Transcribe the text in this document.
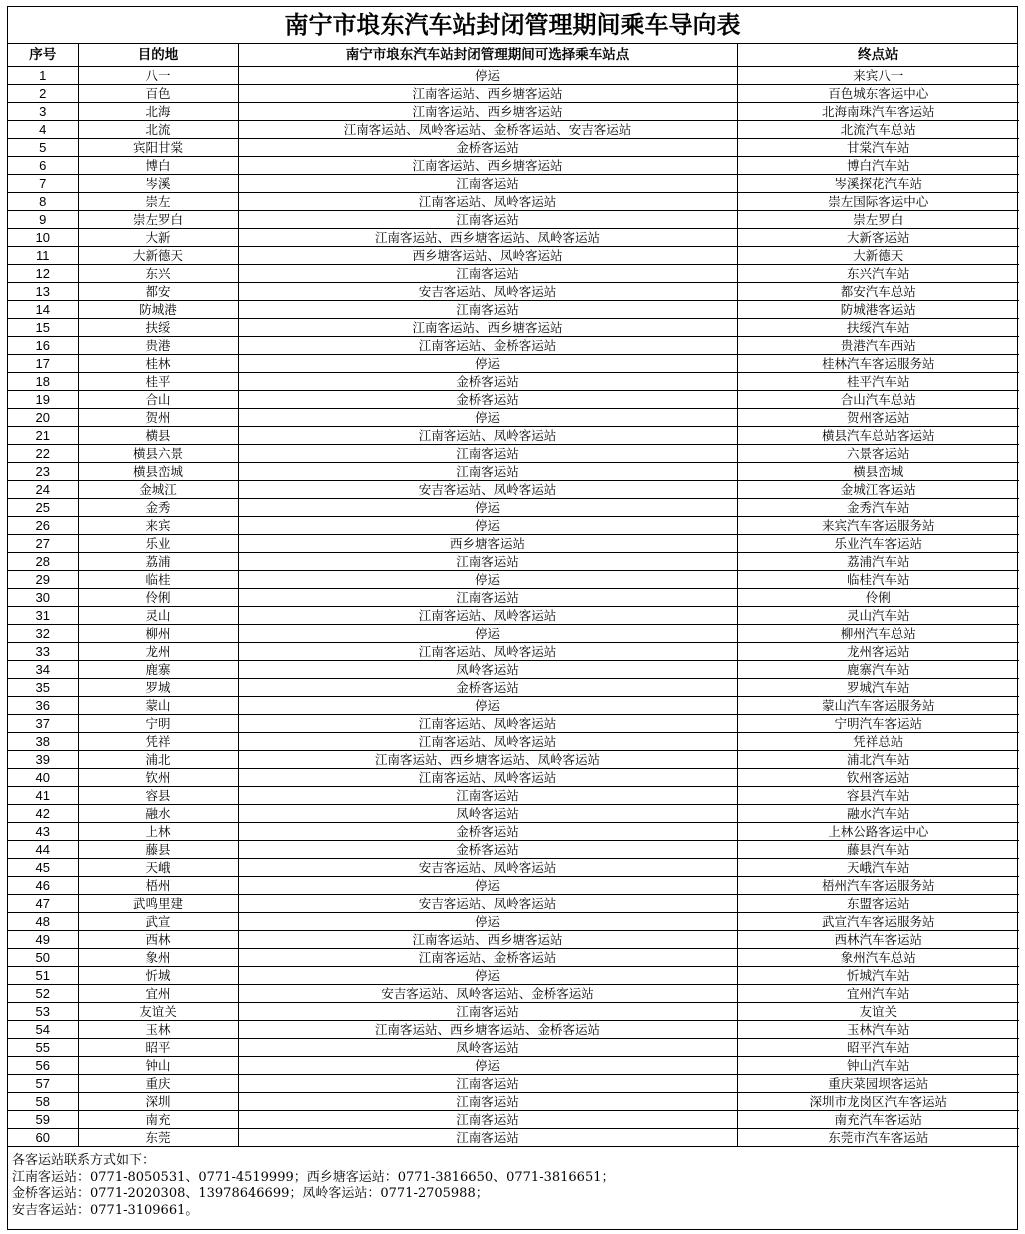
南宁市埌东汽车站封闭管理期间乘车导向表
序号	目的地	南宁市埌东汽车站封闭管理期间可选择乘车站点	终点站
1	八一	停运	来宾八一
2	百色	江南客运站、西乡塘客运站	百色城东客运中心
3	北海	江南客运站、西乡塘客运站	北海南珠汽车客运站
4	北流	江南客运站、凤岭客运站、金桥客运站、安吉客运站	北流汽车总站
5	宾阳甘棠	金桥客运站	甘棠汽车站
6	博白	江南客运站、西乡塘客运站	博白汽车站
7	岑溪	江南客运站	岑溪探花汽车站
8	崇左	江南客运站、凤岭客运站	崇左国际客运中心
9	崇左罗白	江南客运站	崇左罗白
10	大新	江南客运站、西乡塘客运站、凤岭客运站	大新客运站
11	大新德天	西乡塘客运站、凤岭客运站	大新德天
12	东兴	江南客运站	东兴汽车站
13	都安	安吉客运站、凤岭客运站	都安汽车总站
14	防城港	江南客运站	防城港客运站
15	扶绥	江南客运站、西乡塘客运站	扶绥汽车站
16	贵港	江南客运站、金桥客运站	贵港汽车西站
17	桂林	停运	桂林汽车客运服务站
18	桂平	金桥客运站	桂平汽车站
19	合山	金桥客运站	合山汽车总站
20	贺州	停运	贺州客运站
21	横县	江南客运站、凤岭客运站	横县汽车总站客运站
22	横县六景	江南客运站	六景客运站
23	横县峦城	江南客运站	横县峦城
24	金城江	安吉客运站、凤岭客运站	金城江客运站
25	金秀	停运	金秀汽车站
26	来宾	停运	来宾汽车客运服务站
27	乐业	西乡塘客运站	乐业汽车客运站
28	荔浦	江南客运站	荔浦汽车站
29	临桂	停运	临桂汽车站
30	伶俐	江南客运站	伶俐
31	灵山	江南客运站、凤岭客运站	灵山汽车站
32	柳州	停运	柳州汽车总站
33	龙州	江南客运站、凤岭客运站	龙州客运站
34	鹿寨	凤岭客运站	鹿寨汽车站
35	罗城	金桥客运站	罗城汽车站
36	蒙山	停运	蒙山汽车客运服务站
37	宁明	江南客运站、凤岭客运站	宁明汽车客运站
38	凭祥	江南客运站、凤岭客运站	凭祥总站
39	浦北	江南客运站、西乡塘客运站、凤岭客运站	浦北汽车站
40	钦州	江南客运站、凤岭客运站	钦州客运站
41	容县	江南客运站	容县汽车站
42	融水	凤岭客运站	融水汽车站
43	上林	金桥客运站	上林公路客运中心
44	藤县	金桥客运站	藤县汽车站
45	天峨	安吉客运站、凤岭客运站	天峨汽车站
46	梧州	停运	梧州汽车客运服务站
47	武鸣里建	安吉客运站、凤岭客运站	东盟客运站
48	武宣	停运	武宣汽车客运服务站
49	西林	江南客运站、西乡塘客运站	西林汽车客运站
50	象州	江南客运站、金桥客运站	象州汽车总站
51	忻城	停运	忻城汽车站
52	宜州	安吉客运站、凤岭客运站、金桥客运站	宜州汽车站
53	友谊关	江南客运站	友谊关
54	玉林	江南客运站、西乡塘客运站、金桥客运站	玉林汽车站
55	昭平	凤岭客运站	昭平汽车站
56	钟山	停运	钟山汽车站
57	重庆	江南客运站	重庆菜园坝客运站
58	深圳	江南客运站	深圳市龙岗区汽车客运站
59	南充	江南客运站	南充汽车客运站
60	东莞	江南客运站	东莞市汽车客运站
各客运站联系方式如下：
江南客运站：0771-8050531、0771-4519999；西乡塘客运站：0771-3816650、0771-3816651；
金桥客运站：0771-2020308、13978646699；凤岭客运站：0771-2705988；
安吉客运站：0771-3109661。
